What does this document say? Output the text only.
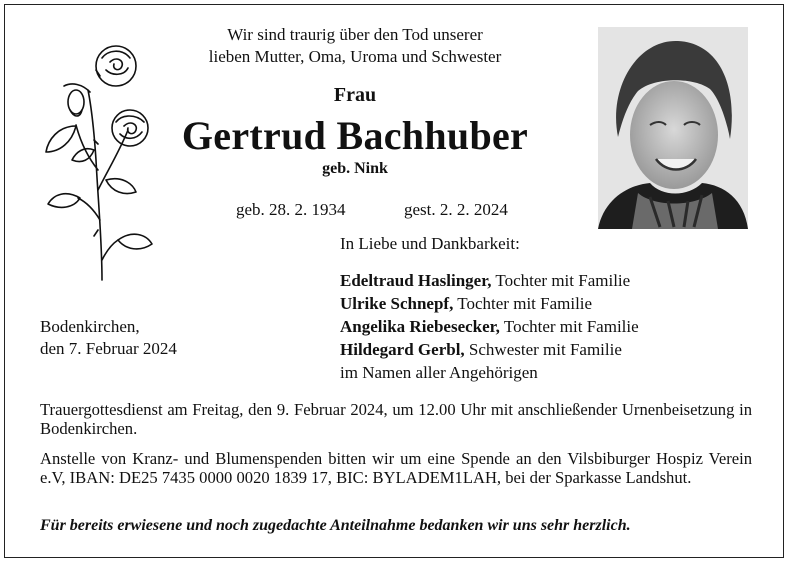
Wir sind traurig über den Tod unserer
lieben Mutter, Oma, Uroma und Schwester
Frau
Gertrud Bachhuber
geb. Nink
geb. 28. 2. 1934	gest. 2. 2. 2024
In Liebe und Dankbarkeit:
Edeltraud Haslinger, Tochter mit Familie
Ulrike Schnepf, Tochter mit Familie
Angelika Riebesecker, Tochter mit Familie
Hildegard Gerbl, Schwester mit Familie
im Namen aller Angehörigen
Bodenkirchen,
den 7. Februar 2024
Trauergottesdienst am Freitag, den 9. Februar 2024, um 12.00 Uhr mit anschließender Urnenbeisetzung in Bodenkirchen.
Anstelle von Kranz- und Blumenspenden bitten wir um eine Spende an den Vilsbiburger Hospiz Verein e.V, IBAN: DE25 7435 0000 0020 1839 17, BIC: BYLADEM1LAH, bei der Sparkasse Landshut.
Für bereits erwiesene und noch zugedachte Anteilnahme bedanken wir uns sehr herzlich.
